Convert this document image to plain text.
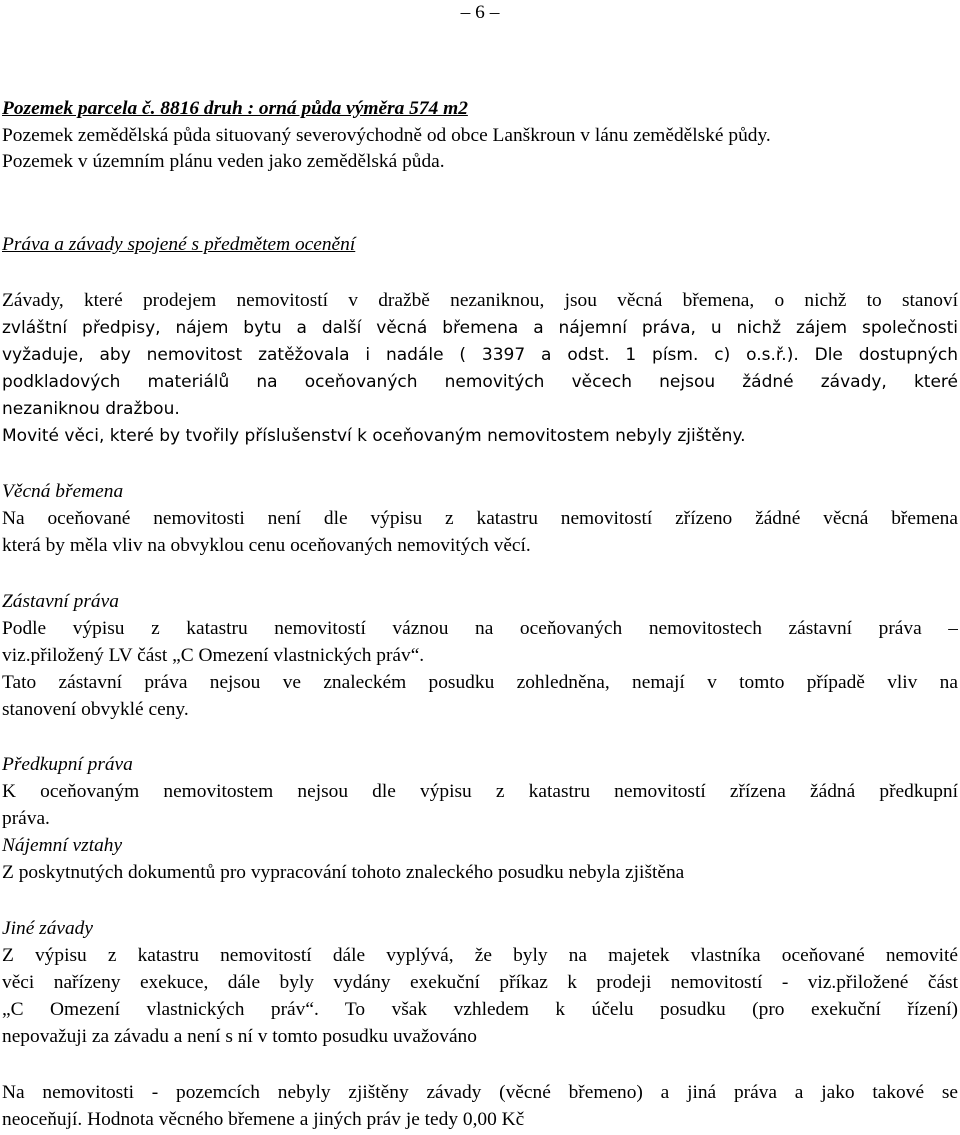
– 6 –
Pozemek parcela č. 8816 druh : orná půda výměra 574 m2
Pozemek zemědělská půda situovaný severovýchodně od obce Lanškroun v lánu zemědělské půdy.
Pozemek v územním plánu veden jako zemědělská půda.
Práva a závady spojené s předmětem ocenění
Závady, které prodejem nemovitostí v dražbě nezaniknou, jsou věcná břemena, o nichž to stanoví
zvláštní předpisy, nájem bytu a další věcná břemena a nájemní práva, u nichž zájem společnosti
vyžaduje, aby nemovitost zatěžovala i nadále ( 3397 a odst. 1 písm. c) o.s.ř.). Dle dostupných
podkladových materiálů na oceňovaných nemovitých věcech nejsou žádné závady, které
nezaniknou dražbou.
Movité věci, které by tvořily příslušenství k oceňovaným nemovitostem nebyly zjištěny.
Věcná břemena
Na oceňované nemovitosti není dle výpisu z katastru nemovitostí zřízeno žádné věcná břemena
která by měla vliv na obvyklou cenu oceňovaných nemovitých věcí.
Zástavní práva
Podle výpisu z katastru nemovitostí váznou na oceňovaných nemovitostech zástavní práva –
viz.přiložený LV část „C Omezení vlastnických práv“.
Tato zástavní práva nejsou ve znaleckém posudku zohledněna, nemají v tomto případě vliv na
stanovení obvyklé ceny.
Předkupní práva
K oceňovaným nemovitostem nejsou dle výpisu z katastru nemovitostí zřízena žádná předkupní
práva.
Nájemní vztahy
Z poskytnutých dokumentů pro vypracování tohoto znaleckého posudku nebyla zjištěna
Jiné závady
Z výpisu z katastru nemovitostí dále vyplývá, že byly na majetek vlastníka oceňované nemovité
věci nařízeny exekuce, dále byly vydány exekuční příkaz k prodeji nemovitostí - viz.přiložené část
„C Omezení vlastnických práv“. To však vzhledem k účelu posudku (pro exekuční řízení)
nepovažuji za závadu a není s ní v tomto posudku uvažováno
Na nemovitosti - pozemcích nebyly zjištěny závady (věcné břemeno) a jiná práva a jako takové se
neoceňují. Hodnota věcného břemene a jiných práv je tedy 0,00 Kč
